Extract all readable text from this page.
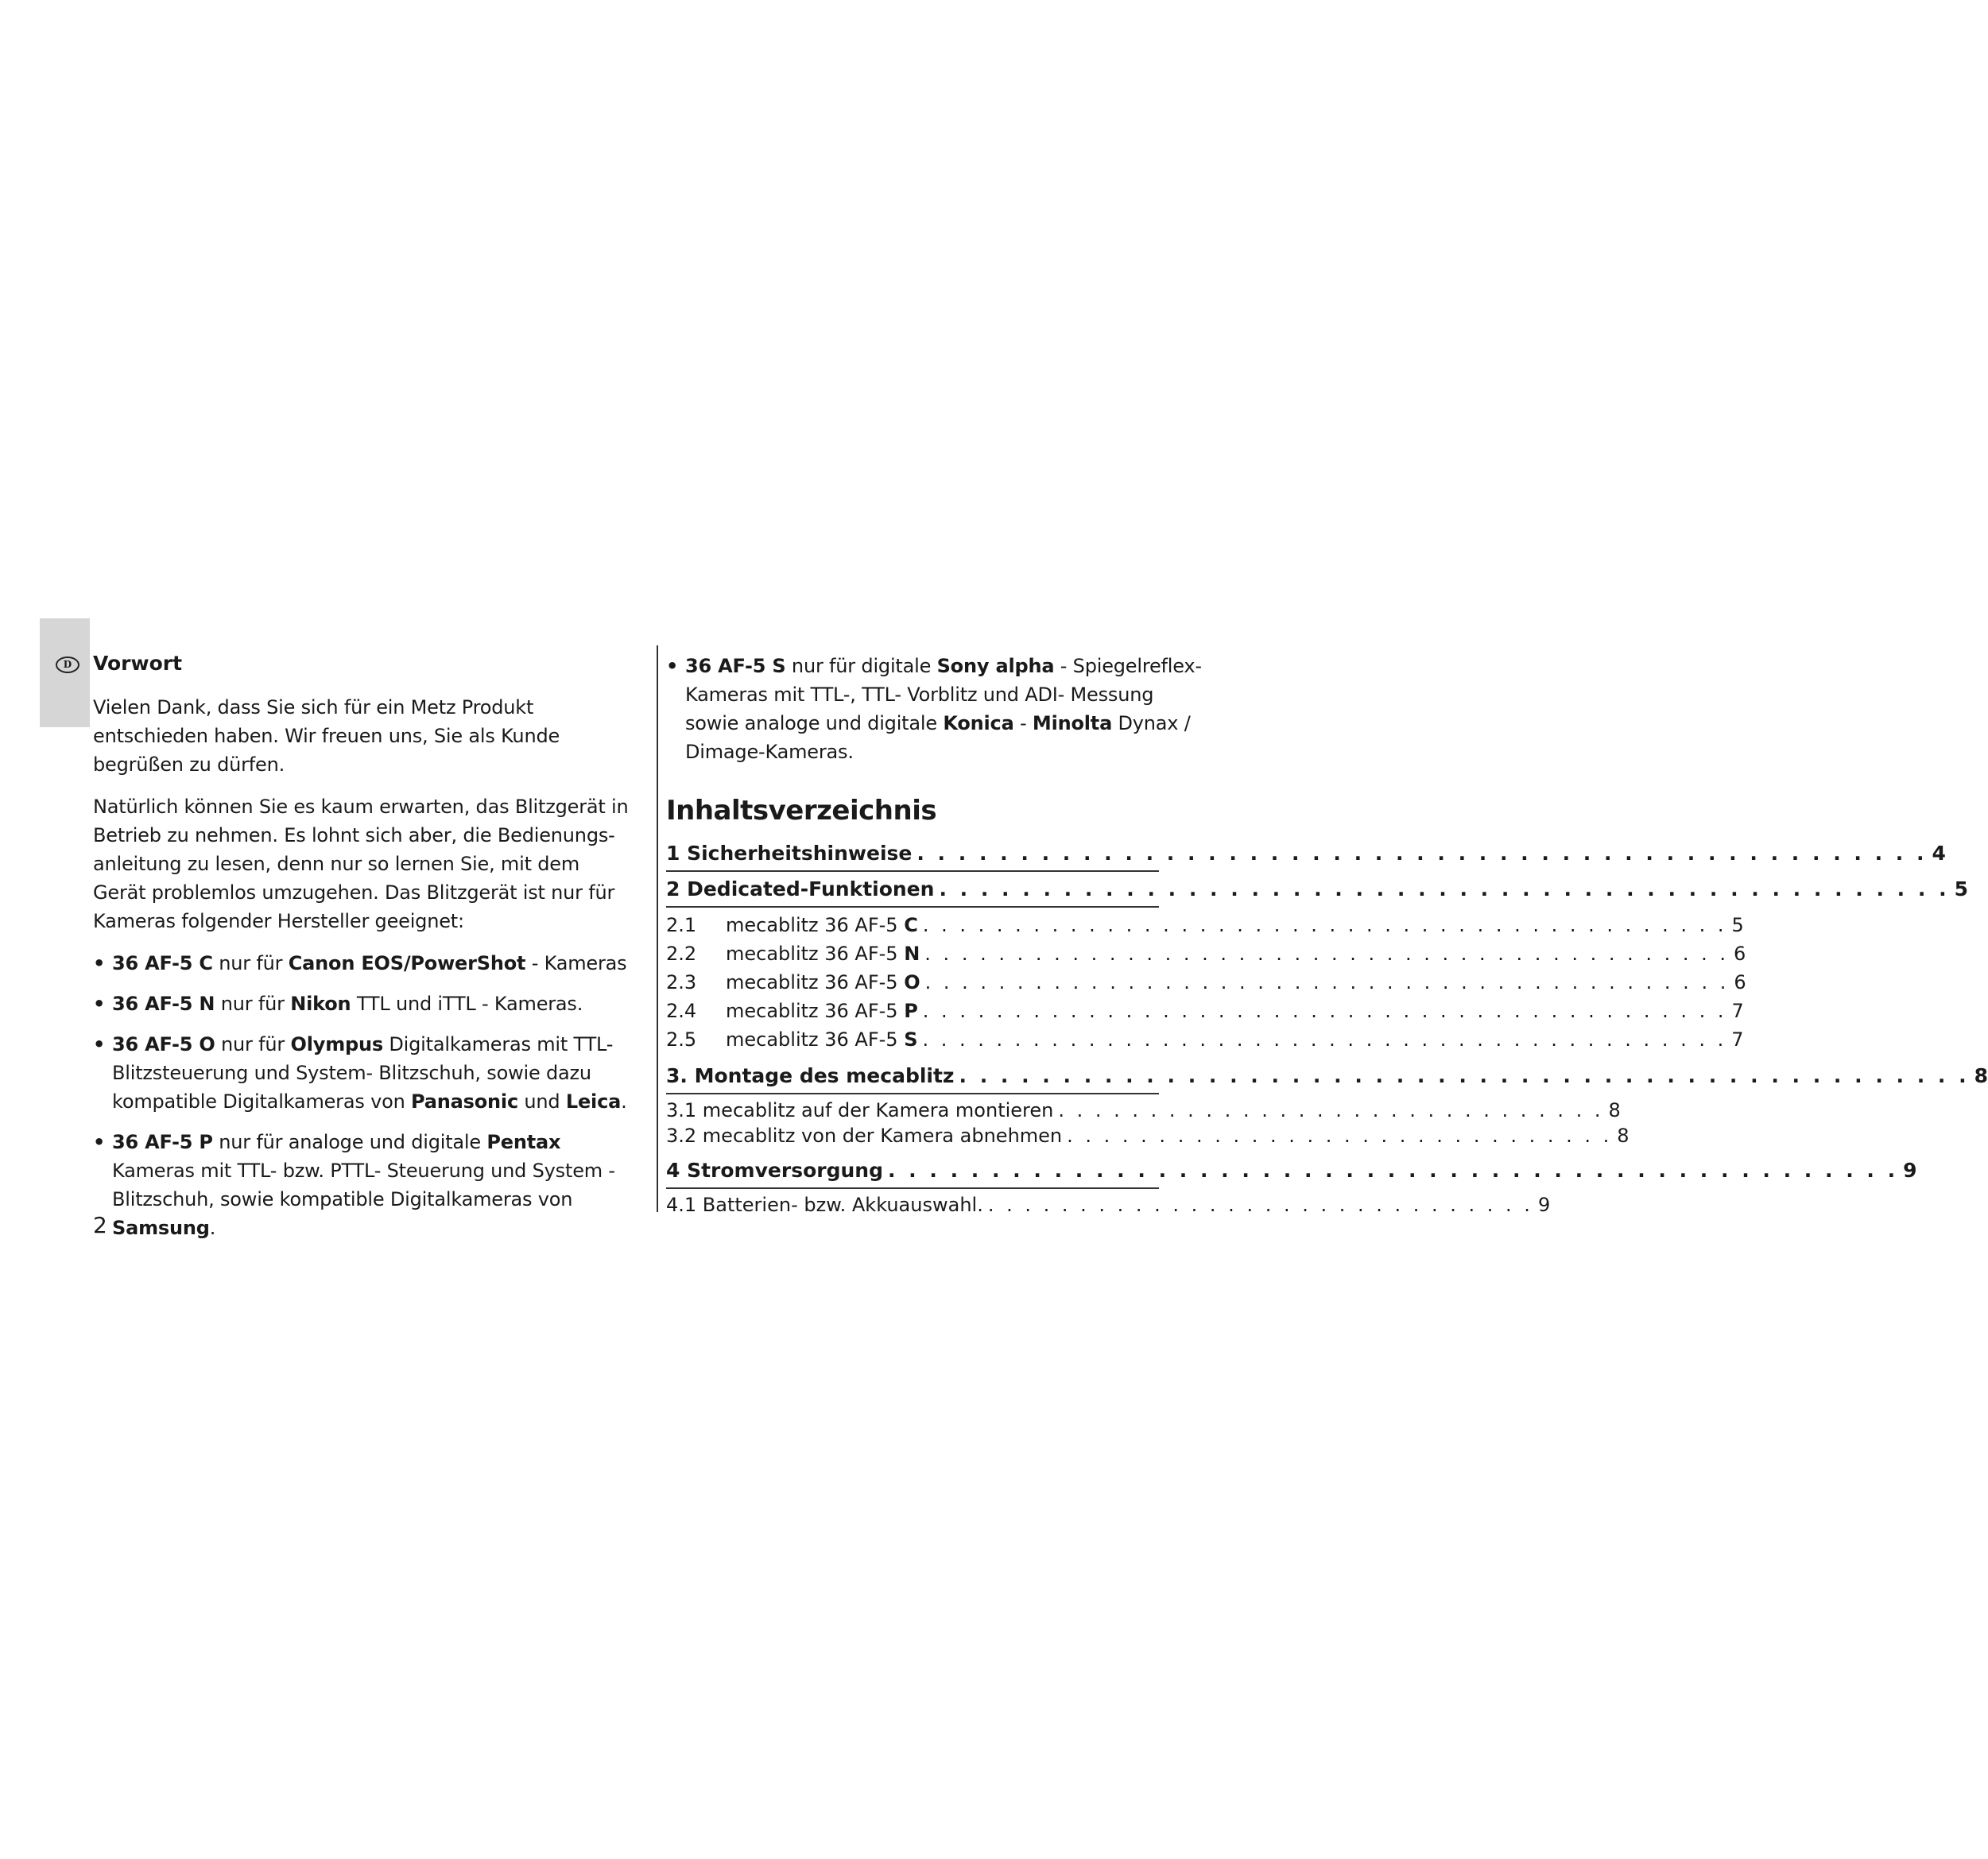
D	Vorwort

Vielen Dank, dass Sie sich für ein Metz Produkt entschieden haben. Wir freuen uns, Sie als Kunde begrüßen zu dürfen.

Natürlich können Sie es kaum erwarten, das Blitzgerät in Betrieb zu nehmen. Es lohnt sich aber, die Bedienungs-anleitung zu lesen, denn nur so lernen Sie, mit dem Gerät problemlos umzugehen. Das Blitzgerät ist nur für Kameras folgender Hersteller geeignet:

• 36 AF-5 C nur für Canon EOS/PowerShot - Kameras
• 36 AF-5 N nur für Nikon TTL und iTTL - Kameras.
• 36 AF-5 O nur für Olympus Digitalkameras mit TTL- Blitzsteuerung und System- Blitzschuh, sowie dazu kompatible Digitalkameras von Panasonic und Leica.
• 36 AF-5 P nur für analoge und digitale Pentax Kameras mit TTL- bzw. PTTL- Steuerung und System - Blitzschuh, sowie kompatible Digitalkameras von Samsung.
• 36 AF-5 S nur für digitale Sony alpha - Spiegelreflex-Kameras mit TTL-, TTL- Vorblitz und ADI- Messung sowie analoge und digitale Konica - Minolta Dynax / Dimage-Kameras.
Inhaltsverzeichnis
1 Sicherheitshinweise . . . . . . . . . . . . . . . . . . . . . . . . . . . . . . . . . . . . . . . . . . . . . . . . . 4
2 Dedicated-Funktionen . . . . . . . . . . . . . . . . . . . . . . . . . . . . . . . . . . . . . . . . . . . . . . . . . 5
2.1	mecablitz 36 AF-5 C . . . . . . . . . . . . . . . . . . . . . . . . . . . . . . . . . . . . . . . . . . . . 5
2.2	mecablitz 36 AF-5 N . . . . . . . . . . . . . . . . . . . . . . . . . . . . . . . . . . . . . . . . . . . . 6
2.3	mecablitz 36 AF-5 O . . . . . . . . . . . . . . . . . . . . . . . . . . . . . . . . . . . . . . . . . . . . 6
2.4	mecablitz 36 AF-5 P . . . . . . . . . . . . . . . . . . . . . . . . . . . . . . . . . . . . . . . . . . . . 7
2.5	mecablitz 36 AF-5 S . . . . . . . . . . . . . . . . . . . . . . . . . . . . . . . . . . . . . . . . . . . . 7
3. Montage des mecablitz . . . . . . . . . . . . . . . . . . . . . . . . . . . . . . . . . . . . . . . . . . . . . . . . . 8
3.1 mecablitz auf der Kamera montieren . . . . . . . . . . . . . . . . . . . . . . . . . . . . . . 8
3.2 mecablitz von der Kamera abnehmen . . . . . . . . . . . . . . . . . . . . . . . . . . . . . . 8
4 Stromversorgung . . . . . . . . . . . . . . . . . . . . . . . . . . . . . . . . . . . . . . . . . . . . . . . . . 9
4.1 Batterien- bzw. Akkuauswahl. . . . . . . . . . . . . . . . . . . . . . . . . . . . . . . 9
2
